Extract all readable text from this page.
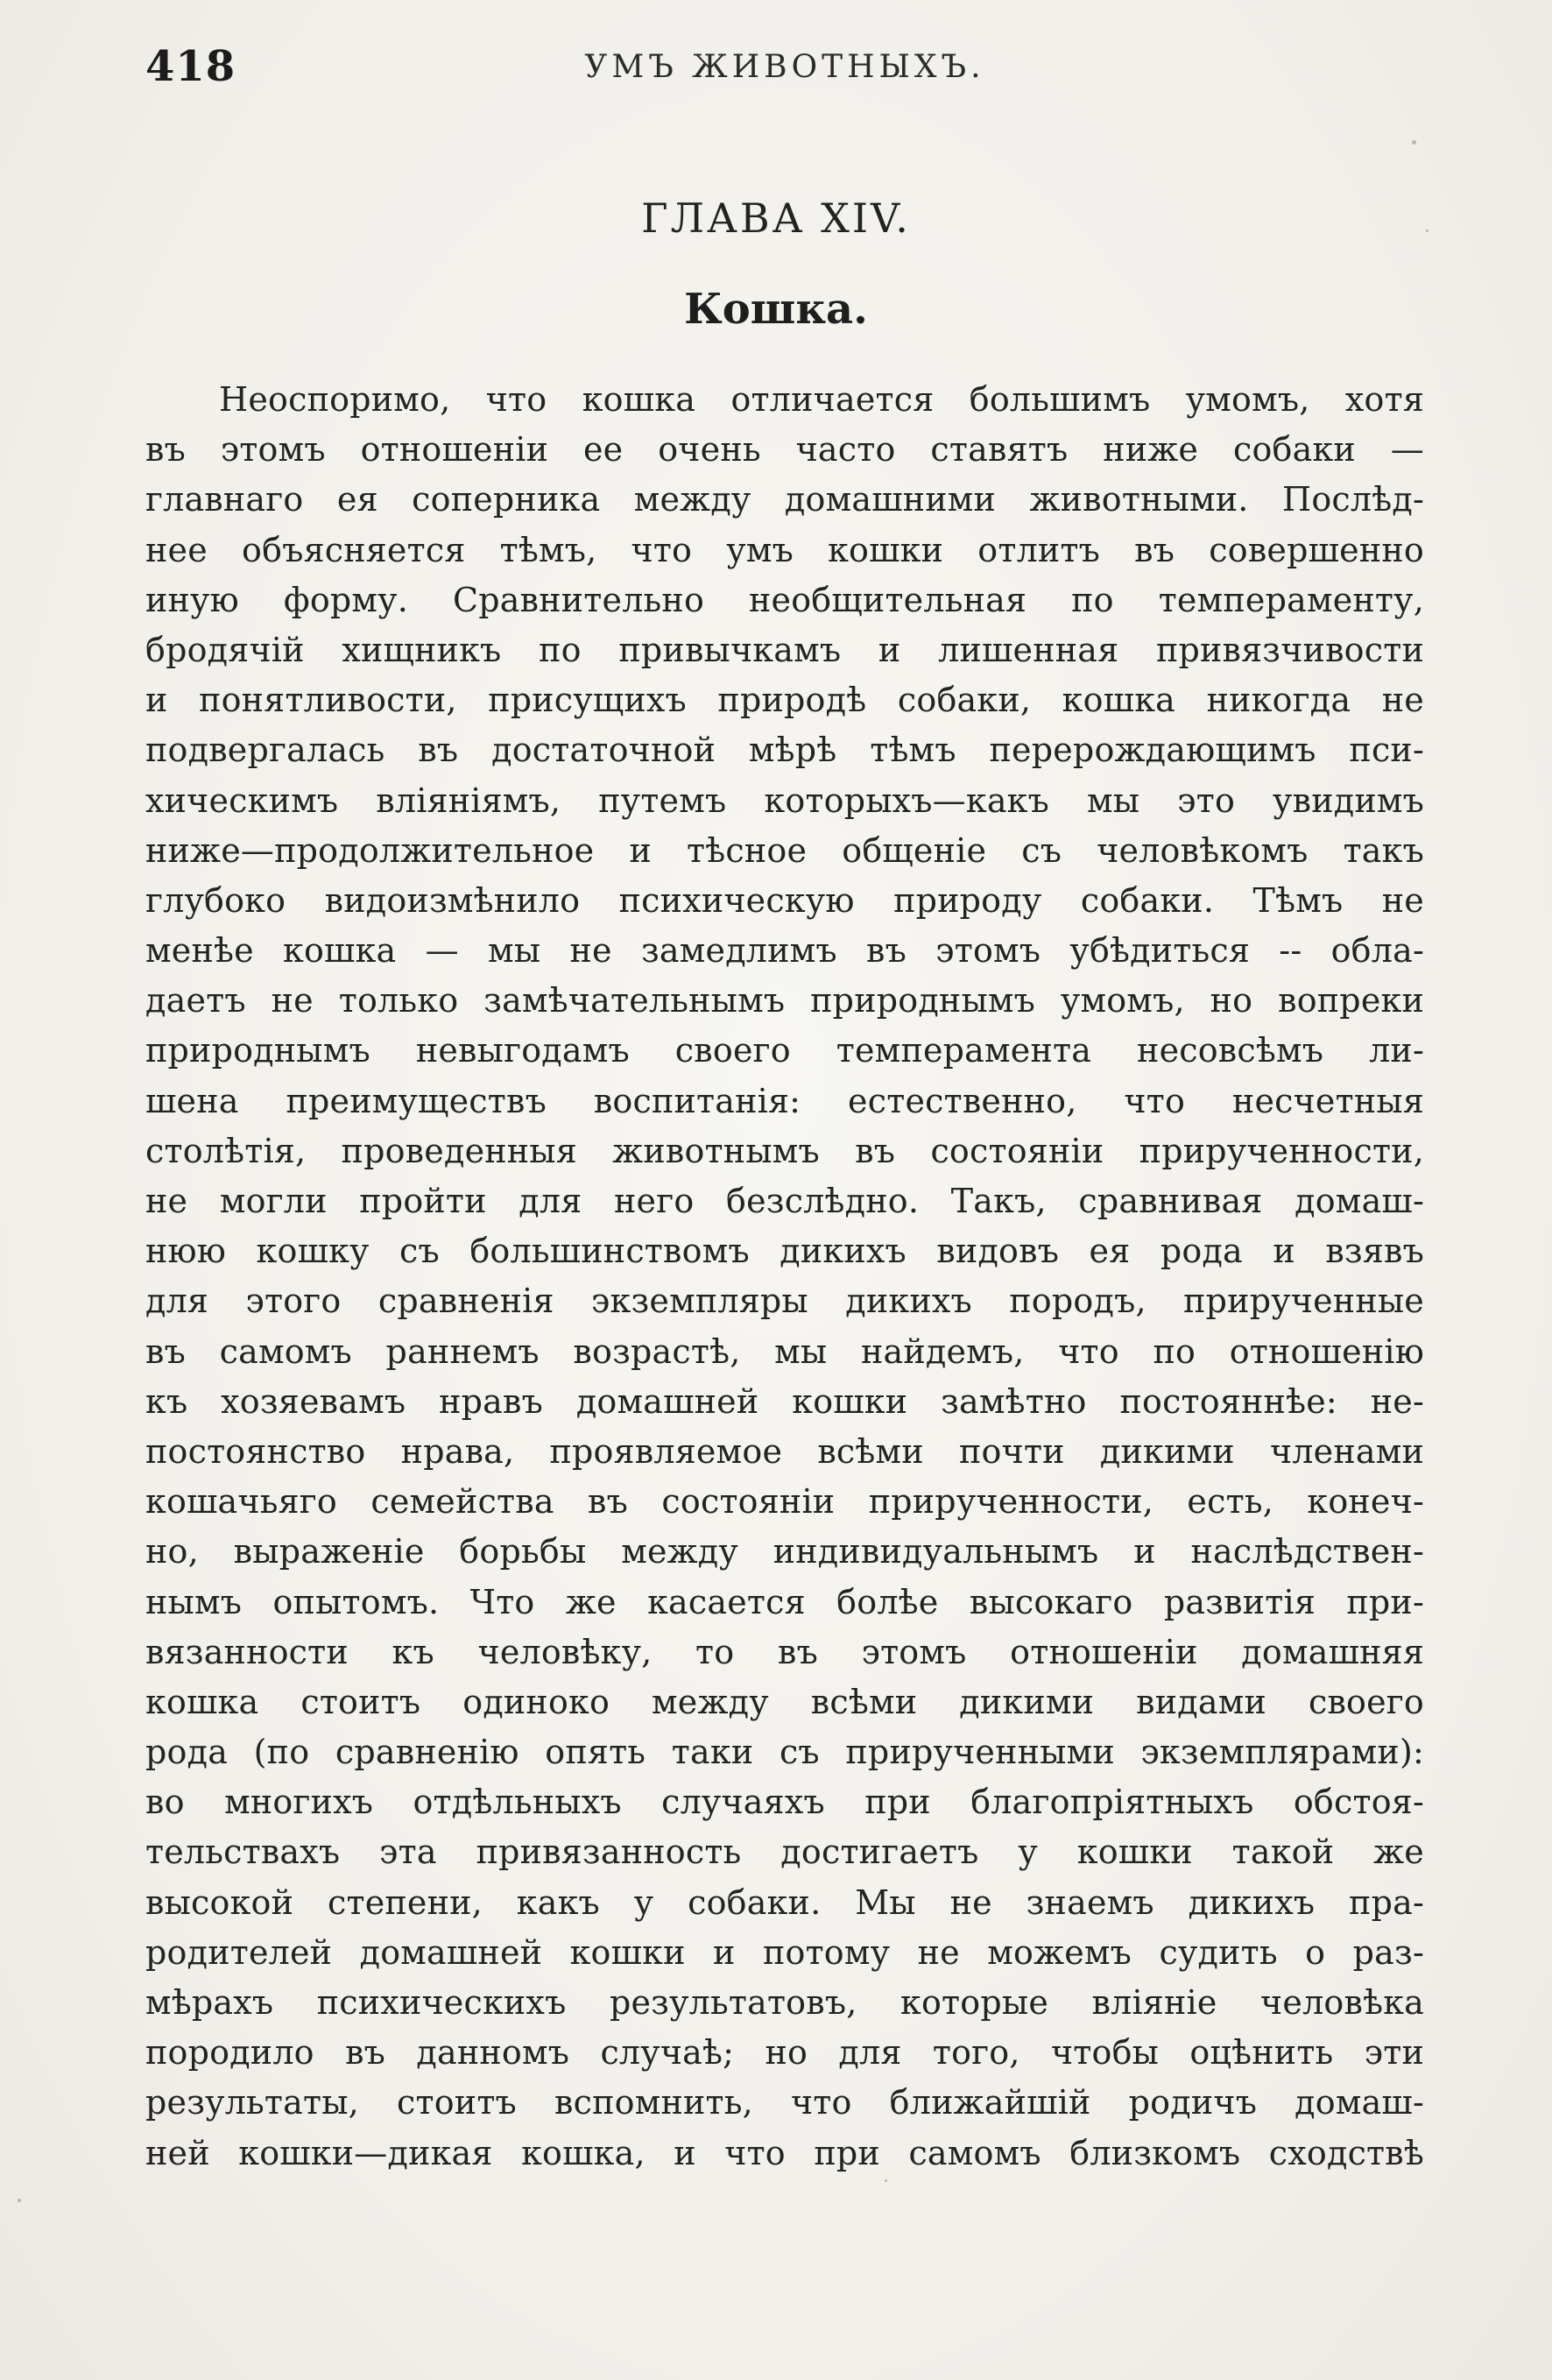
418	УМЪ ЖИВОТНЫХЪ.
ГЛАВА XIV.
Кошка.
Неоспоримо, что кошка отличается большимъ умомъ, хотя
въ этомъ отношенiи ее очень часто ставятъ ниже собаки —
главнаго ея соперника между домашними животными. Послѣд-
нее объясняется тѣмъ, что умъ кошки отлитъ въ совершенно
иную форму. Сравнительно необщительная по темпераменту,
бродячiй хищникъ по привычкамъ и лишенная привязчивости
и понятливости, присущихъ природѣ собаки, кошка никогда не
подвергалась въ достаточной мѣрѣ тѣмъ перерождающимъ пси-
хическимъ влiянiямъ, путемъ которыхъ—какъ мы это увидимъ
ниже—продолжительное и тѣсное общенiе съ человѣкомъ такъ
глубоко видоизмѣнило психическую природу собаки. Тѣмъ не
менѣе кошка — мы не замедлимъ въ этомъ убѣдиться -- обла-
даетъ не только замѣчательнымъ природнымъ умомъ, но вопреки
природнымъ невыгодамъ своего темперамента несовсѣмъ ли-
шена преимуществъ воспитанiя: естественно, что несчетныя
столѣтiя, проведенныя животнымъ въ состоянiи прирученности,
не могли пройти для него безслѣдно. Такъ, сравнивая домаш-
нюю кошку съ большинствомъ дикихъ видовъ ея рода и взявъ
для этого сравненiя экземпляры дикихъ породъ, прирученные
въ самомъ раннемъ возрастѣ, мы найдемъ, что по отношенiю
къ хозяевамъ нравъ домашней кошки замѣтно постояннѣе: не-
постоянство нрава, проявляемое всѣми почти дикими членами
кошачьяго семейства въ состоянiи прирученности, есть, конеч-
но, выраженiе борьбы между индивидуальнымъ и наслѣдствен-
нымъ опытомъ. Что же касается болѣе высокаго развитiя при-
вязанности къ человѣку, то въ этомъ отношенiи домашняя
кошка стоитъ одиноко между всѣми дикими видами своего
рода (по сравненiю опять таки съ прирученными экземплярами):
во многихъ отдѣльныхъ случаяхъ при благопрiятныхъ обстоя-
тельствахъ эта привязанность достигаетъ у кошки такой же
высокой степени, какъ у собаки. Мы не знаемъ дикихъ пра-
родителей домашней кошки и потому не можемъ судить о раз-
мѣрахъ психическихъ результатовъ, которые влiянiе человѣка
породило въ данномъ случаѣ; но для того, чтобы оцѣнить эти
результаты, стоитъ вспомнить, что ближайшiй родичъ домаш-
ней кошки—дикая кошка, и что при самомъ близкомъ сходствѣ
